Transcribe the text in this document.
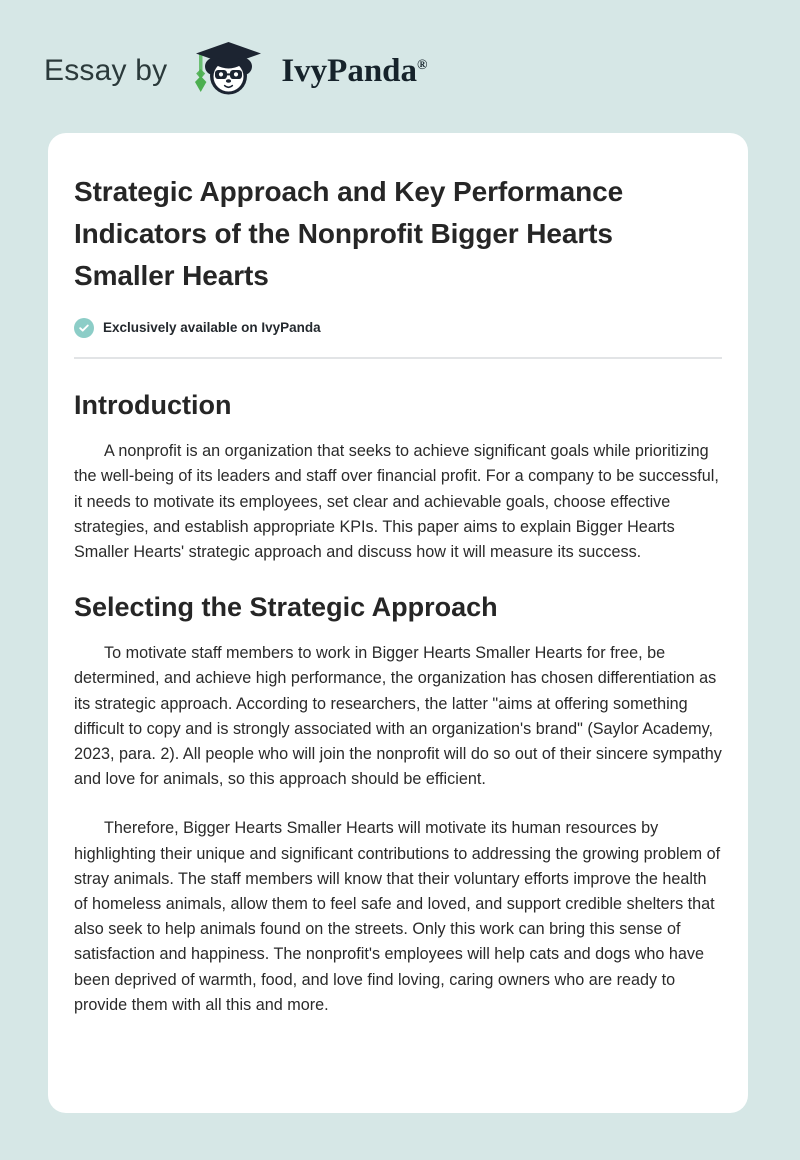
Essay by	IvyPanda®
Strategic Approach and Key Performance Indicators of the Nonprofit Bigger Hearts Smaller Hearts
Exclusively available on IvyPanda
Introduction

A nonprofit is an organization that seeks to achieve significant goals while prioritizing the well-being of its leaders and staff over financial profit. For a company to be successful, it needs to motivate its employees, set clear and achievable goals, choose effective strategies, and establish appropriate KPIs. This paper aims to explain Bigger Hearts Smaller Hearts' strategic approach and discuss how it will measure its success.

Selecting the Strategic Approach

To motivate staff members to work in Bigger Hearts Smaller Hearts for free, be determined, and achieve high performance, the organization has chosen differentiation as its strategic approach. According to researchers, the latter "aims at offering something difficult to copy and is strongly associated with an organization's brand" (Saylor Academy, 2023, para. 2). All people who will join the nonprofit will do so out of their sincere sympathy and love for animals, so this approach should be efficient.

Therefore, Bigger Hearts Smaller Hearts will motivate its human resources by highlighting their unique and significant contributions to addressing the growing problem of stray animals. The staff members will know that their voluntary efforts improve the health of homeless animals, allow them to feel safe and loved, and support credible shelters that also seek to help animals found on the streets. Only this work can bring this sense of satisfaction and happiness. The nonprofit's employees will help cats and dogs who have been deprived of warmth, food, and love find loving, caring owners who are ready to provide them with all this and more.
